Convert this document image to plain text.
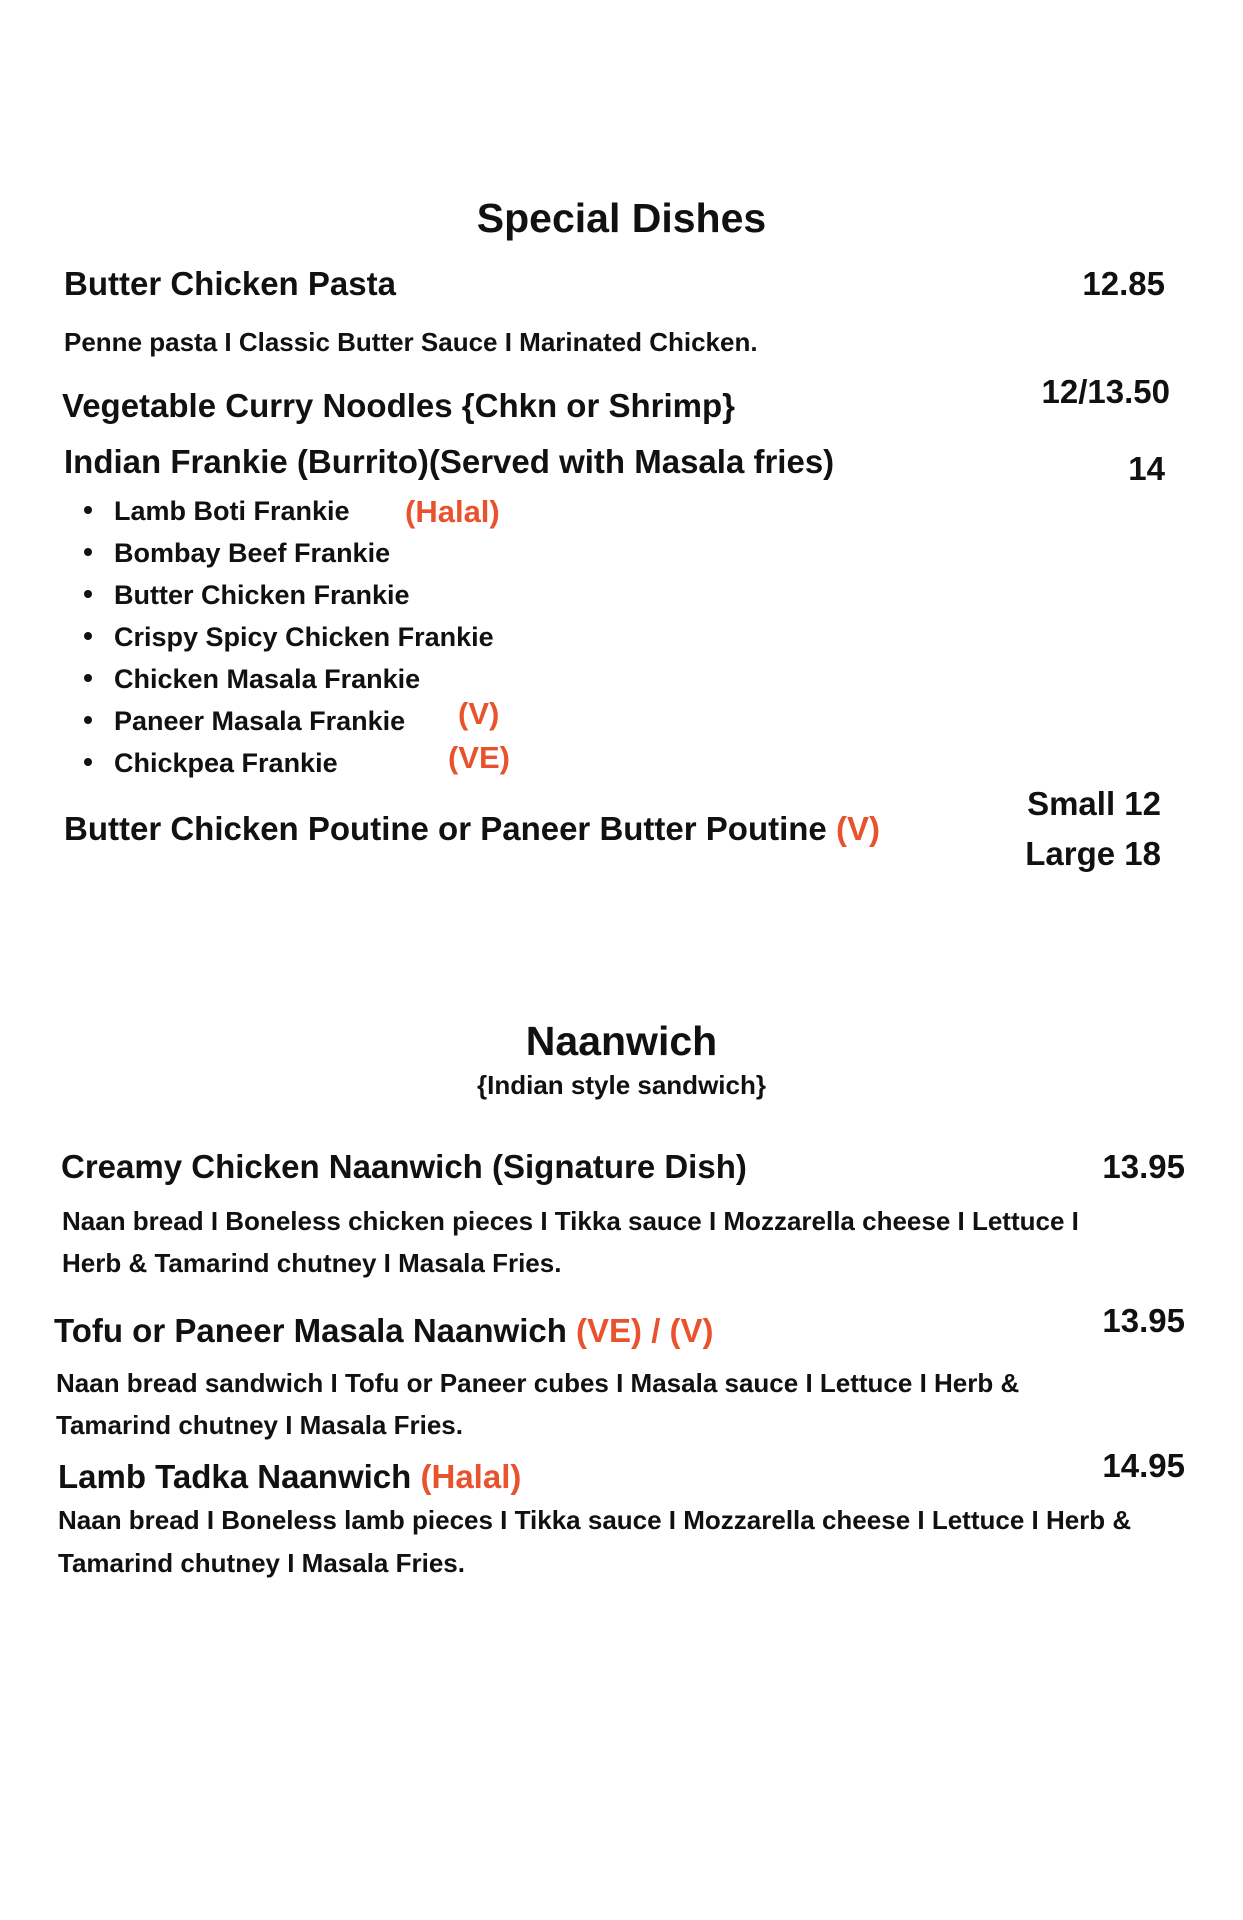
Special Dishes
Butter Chicken Pasta	12.85
Penne pasta I Classic Butter Sauce I Marinated Chicken.
Vegetable Curry Noodles {Chkn or Shrimp}	12/13.50
Indian Frankie (Burrito)(Served with Masala fries)	14
Lamb Boti Frankie (Halal)
Bombay Beef Frankie
Butter Chicken Frankie
Crispy Spicy Chicken Frankie
Chicken Masala Frankie
Paneer Masala Frankie (V)
Chickpea Frankie	(VE)
Butter Chicken Poutine or Paneer Butter Poutine (V)
Small 12
Large 18
Naanwich
{Indian style sandwich}
Creamy Chicken Naanwich (Signature Dish)	13.95
Naan bread I Boneless chicken pieces I Tikka sauce I Mozzarella cheese I Lettuce I
Herb & Tamarind chutney I Masala Fries.
Tofu or Paneer Masala Naanwich (VE) / (V)	13.95
Naan bread sandwich I Tofu or Paneer cubes I Masala sauce I Lettuce I Herb &
Tamarind chutney I Masala Fries.
Lamb Tadka Naanwich (Halal)	14.95
Naan bread I Boneless lamb pieces I Tikka sauce I Mozzarella cheese I Lettuce I Herb &
Tamarind chutney I Masala Fries.
